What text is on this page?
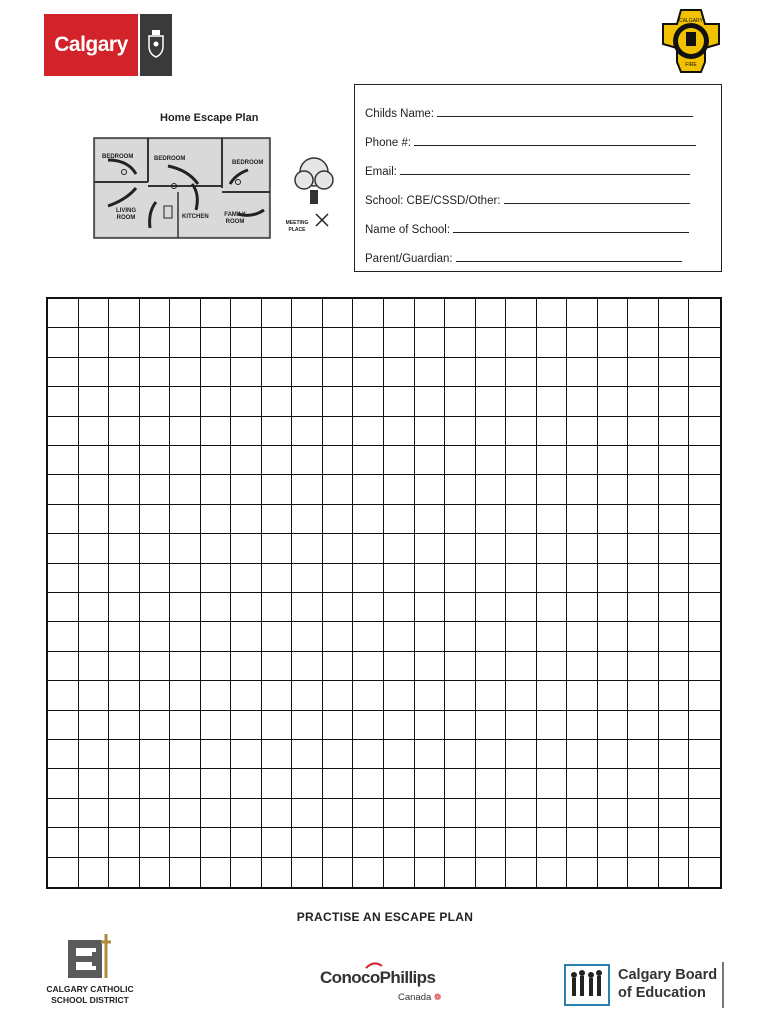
Calgary
CALGARY
FIRE
Home Escape Plan
BEDROOM	BEDROOM
BEDROOM
LIVING ROOM	KITCHEN	FAMILY ROOM	MEETING PLACE
Childs Name:
Phone #:
Email:
School: CBE/CSSD/Other:
Name of School:
Parent/Guardian:
PRACTISE AN ESCAPE PLAN
CALGARY CATHOLIC
SCHOOL DISTRICT
ConocoPhillips
Canada ❁
Calgary Board
of Education
